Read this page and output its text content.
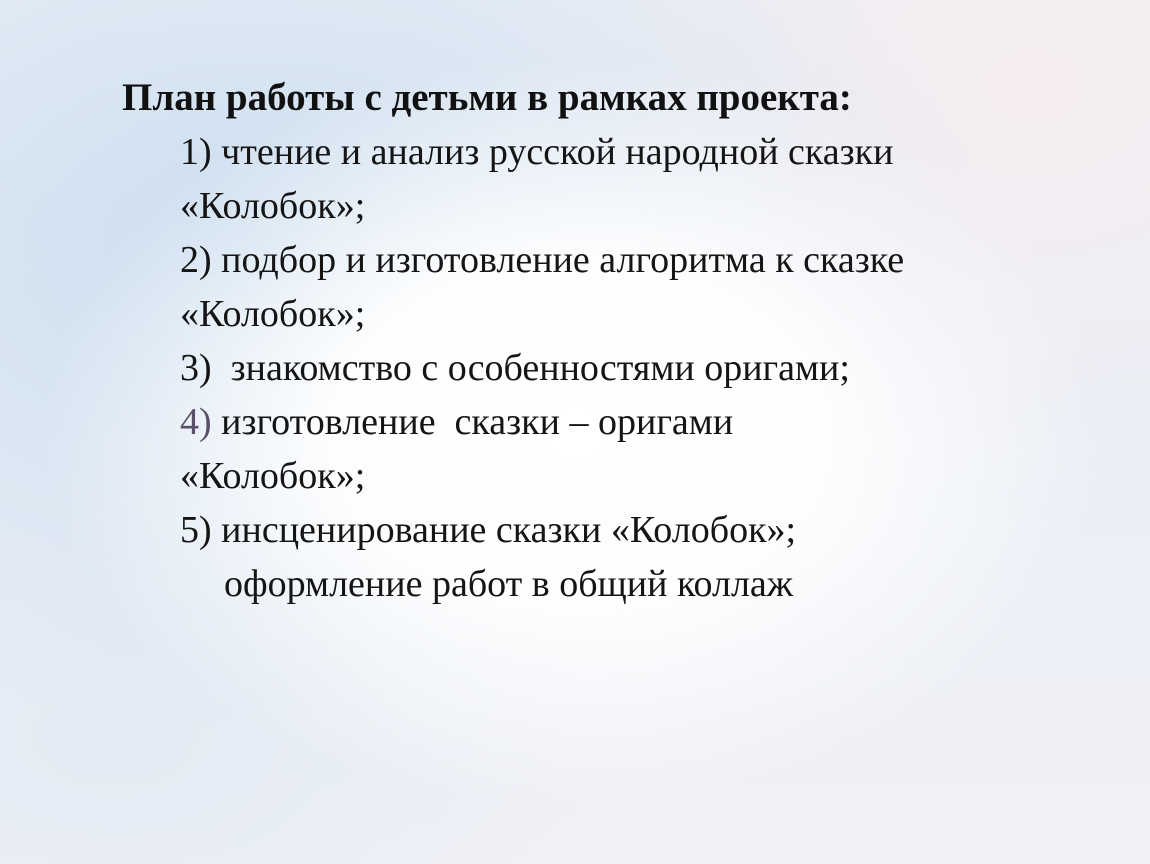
План работы с детьми в рамках проекта:
1) чтение и анализ русской народной сказки
«Колобок»;
2) подбор и изготовление алгоритма к сказке
«Колобок»;
3)  знакомство с особенностями оригами;
4) изготовление  сказки – оригами
«Колобок»;
5) инсценирование сказки «Колобок»;
оформление работ в общий коллаж
